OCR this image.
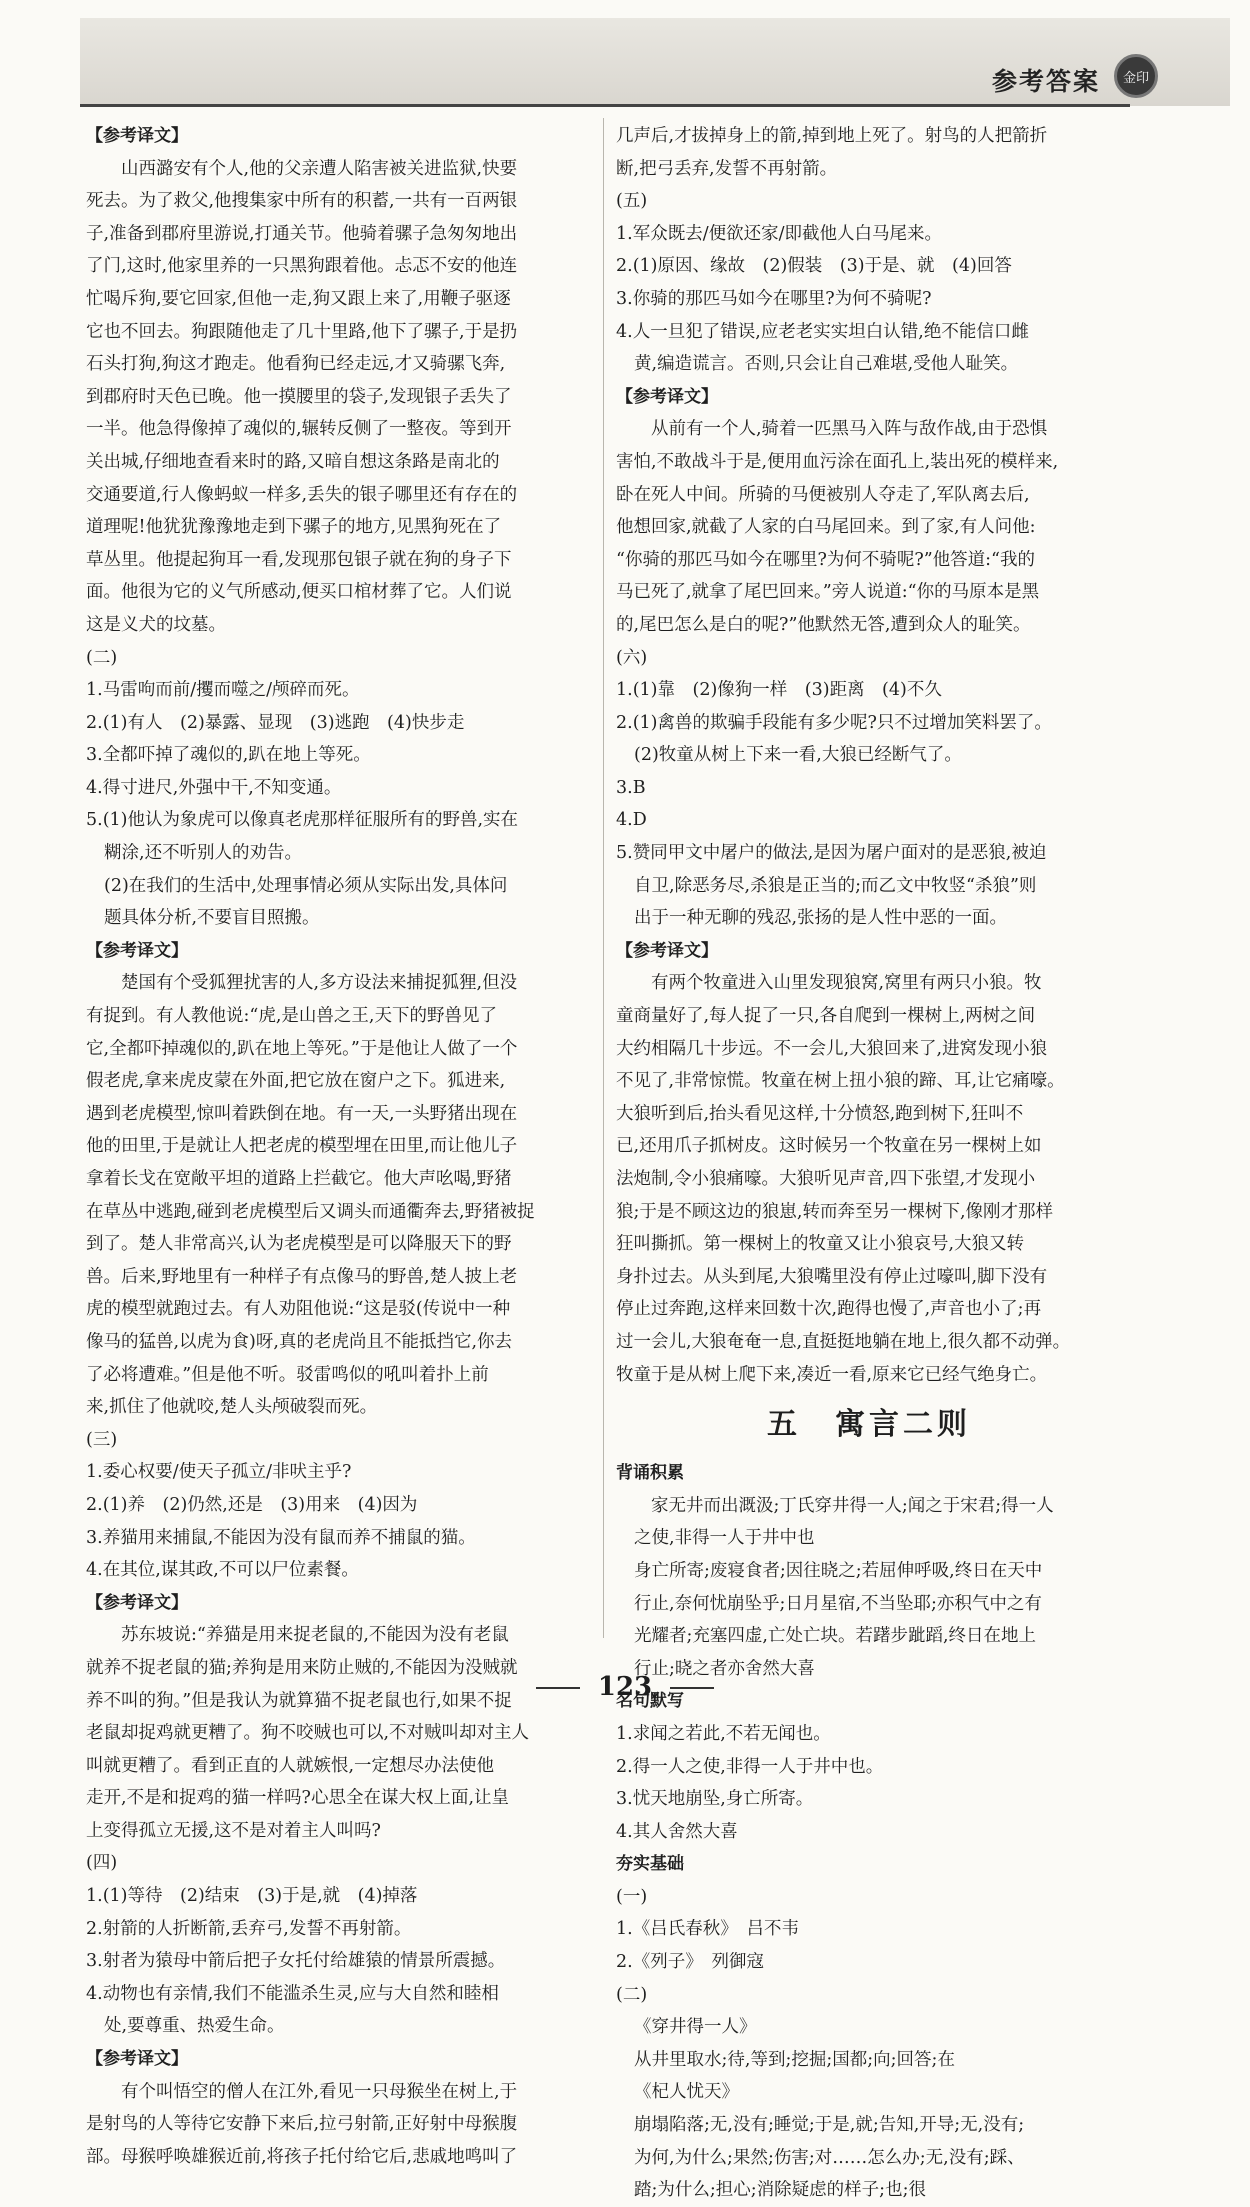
参考答案	金印
【参考译文】
山西潞安有个人,他的父亲遭人陷害被关进监狱,快要
死去。为了救父,他搜集家中所有的积蓄,一共有一百两银
子,准备到郡府里游说,打通关节。他骑着骡子急匆匆地出
了门,这时,他家里养的一只黑狗跟着他。忐忑不安的他连
忙喝斥狗,要它回家,但他一走,狗又跟上来了,用鞭子驱逐
它也不回去。狗跟随他走了几十里路,他下了骡子,于是扔
石头打狗,狗这才跑走。他看狗已经走远,才又骑骡飞奔,
到郡府时天色已晚。他一摸腰里的袋子,发现银子丢失了
一半。他急得像掉了魂似的,辗转反侧了一整夜。等到开
关出城,仔细地查看来时的路,又暗自想这条路是南北的
交通要道,行人像蚂蚁一样多,丢失的银子哪里还有存在的
道理呢!他犹犹豫豫地走到下骡子的地方,见黑狗死在了
草丛里。他提起狗耳一看,发现那包银子就在狗的身子下
面。他很为它的义气所感动,便买口棺材葬了它。人们说
这是义犬的坟墓。
(二)
1.马雷呴而前/攫而噬之/颅碎而死。
2.(1)有人　(2)暴露、显现　(3)逃跑　(4)快步走
3.全都吓掉了魂似的,趴在地上等死。
4.得寸进尺,外强中干,不知变通。
5.(1)他认为象虎可以像真老虎那样征服所有的野兽,实在
糊涂,还不听别人的劝告。
(2)在我们的生活中,处理事情必须从实际出发,具体问
题具体分析,不要盲目照搬。
【参考译文】
楚国有个受狐狸扰害的人,多方设法来捕捉狐狸,但没
有捉到。有人教他说:“虎,是山兽之王,天下的野兽见了
它,全都吓掉魂似的,趴在地上等死。”于是他让人做了一个
假老虎,拿来虎皮蒙在外面,把它放在窗户之下。狐进来,
遇到老虎模型,惊叫着跌倒在地。有一天,一头野猪出现在
他的田里,于是就让人把老虎的模型埋在田里,而让他儿子
拿着长戈在宽敞平坦的道路上拦截它。他大声吆喝,野猪
在草丛中逃跑,碰到老虎模型后又调头而通衢奔去,野猪被捉
到了。楚人非常高兴,认为老虎模型是可以降服天下的野
兽。后来,野地里有一种样子有点像马的野兽,楚人披上老
虎的模型就跑过去。有人劝阻他说:“这是驳(传说中一种
像马的猛兽,以虎为食)呀,真的老虎尚且不能抵挡它,你去
了必将遭难。”但是他不听。驳雷鸣似的吼叫着扑上前
来,抓住了他就咬,楚人头颅破裂而死。
(三)
1.委心权要/使天子孤立/非吠主乎?
2.(1)养　(2)仍然,还是　(3)用来　(4)因为
3.养猫用来捕鼠,不能因为没有鼠而养不捕鼠的猫。
4.在其位,谋其政,不可以尸位素餐。
【参考译文】
苏东坡说:“养猫是用来捉老鼠的,不能因为没有老鼠
就养不捉老鼠的猫;养狗是用来防止贼的,不能因为没贼就
养不叫的狗。”但是我认为就算猫不捉老鼠也行,如果不捉
老鼠却捉鸡就更糟了。狗不咬贼也可以,不对贼叫却对主人
叫就更糟了。看到正直的人就嫉恨,一定想尽办法使他
走开,不是和捉鸡的猫一样吗?心思全在谋大权上面,让皇
上变得孤立无援,这不是对着主人叫吗?
(四)
1.(1)等待　(2)结束　(3)于是,就　(4)掉落
2.射箭的人折断箭,丢弃弓,发誓不再射箭。
3.射者为猿母中箭后把子女托付给雄猿的情景所震撼。
4.动物也有亲情,我们不能滥杀生灵,应与大自然和睦相
处,要尊重、热爱生命。
【参考译文】
有个叫悟空的僧人在江外,看见一只母猴坐在树上,于
是射鸟的人等待它安静下来后,拉弓射箭,正好射中母猴腹
部。母猴呼唤雄猴近前,将孩子托付给它后,悲戚地鸣叫了
几声后,才拔掉身上的箭,掉到地上死了。射鸟的人把箭折
断,把弓丢弃,发誓不再射箭。
(五)
1.军众既去/便欲还家/即截他人白马尾来。
2.(1)原因、缘故　(2)假装　(3)于是、就　(4)回答
3.你骑的那匹马如今在哪里?为何不骑呢?
4.人一旦犯了错误,应老老实实坦白认错,绝不能信口雌
黄,编造谎言。否则,只会让自己难堪,受他人耻笑。
【参考译文】
从前有一个人,骑着一匹黑马入阵与敌作战,由于恐惧
害怕,不敢战斗于是,便用血污涂在面孔上,装出死的模样来,
卧在死人中间。所骑的马便被别人夺走了,军队离去后,
他想回家,就截了人家的白马尾回来。到了家,有人问他:
“你骑的那匹马如今在哪里?为何不骑呢?”他答道:“我的
马已死了,就拿了尾巴回来。”旁人说道:“你的马原本是黑
的,尾巴怎么是白的呢?”他默然无答,遭到众人的耻笑。
(六)
1.(1)靠　(2)像狗一样　(3)距离　(4)不久
2.(1)禽兽的欺骗手段能有多少呢?只不过增加笑料罢了。
(2)牧童从树上下来一看,大狼已经断气了。
3.B
4.D
5.赞同甲文中屠户的做法,是因为屠户面对的是恶狼,被迫
自卫,除恶务尽,杀狼是正当的;而乙文中牧竖“杀狼”则
出于一种无聊的残忍,张扬的是人性中恶的一面。
【参考译文】
有两个牧童进入山里发现狼窝,窝里有两只小狼。牧
童商量好了,每人捉了一只,各自爬到一棵树上,两树之间
大约相隔几十步远。不一会儿,大狼回来了,进窝发现小狼
不见了,非常惊慌。牧童在树上扭小狼的蹄、耳,让它痛嚎。
大狼听到后,抬头看见这样,十分愤怒,跑到树下,狂叫不
已,还用爪子抓树皮。这时候另一个牧童在另一棵树上如
法炮制,令小狼痛嚎。大狼听见声音,四下张望,才发现小
狼;于是不顾这边的狼崽,转而奔至另一棵树下,像刚才那样
狂叫撕抓。第一棵树上的牧童又让小狼哀号,大狼又转
身扑过去。从头到尾,大狼嘴里没有停止过嚎叫,脚下没有
停止过奔跑,这样来回数十次,跑得也慢了,声音也小了;再
过一会儿,大狼奄奄一息,直挺挺地躺在地上,很久都不动弹。
牧童于是从树上爬下来,凑近一看,原来它已经气绝身亡。
五　寓言二则
背诵积累
家无井而出溉汲;丁氏穿井得一人;闻之于宋君;得一人
之使,非得一人于井中也
身亡所寄;废寝食者;因往晓之;若屈伸呼吸,终日在天中
行止,奈何忧崩坠乎;日月星宿,不当坠耶;亦积气中之有
光耀者;充塞四虚,亡处亡块。若躇步跐蹈,终日在地上
行止;晓之者亦舍然大喜
名句默写
1.求闻之若此,不若无闻也。
2.得一人之使,非得一人于井中也。
3.忧天地崩坠,身亡所寄。
4.其人舍然大喜
夯实基础
(一)
1.《吕氏春秋》　吕不韦
2.《列子》　列御寇
(二)
《穿井得一人》
从井里取水;待,等到;挖掘;国都;向;回答;在
《杞人忧天》
崩塌陷落;无,没有;睡觉;于是,就;告知,开导;无,没有;
为何,为什么;果然;伤害;对……怎么办;无,没有;踩、
踏;为什么;担心;消除疑虑的样子;也;很
123
